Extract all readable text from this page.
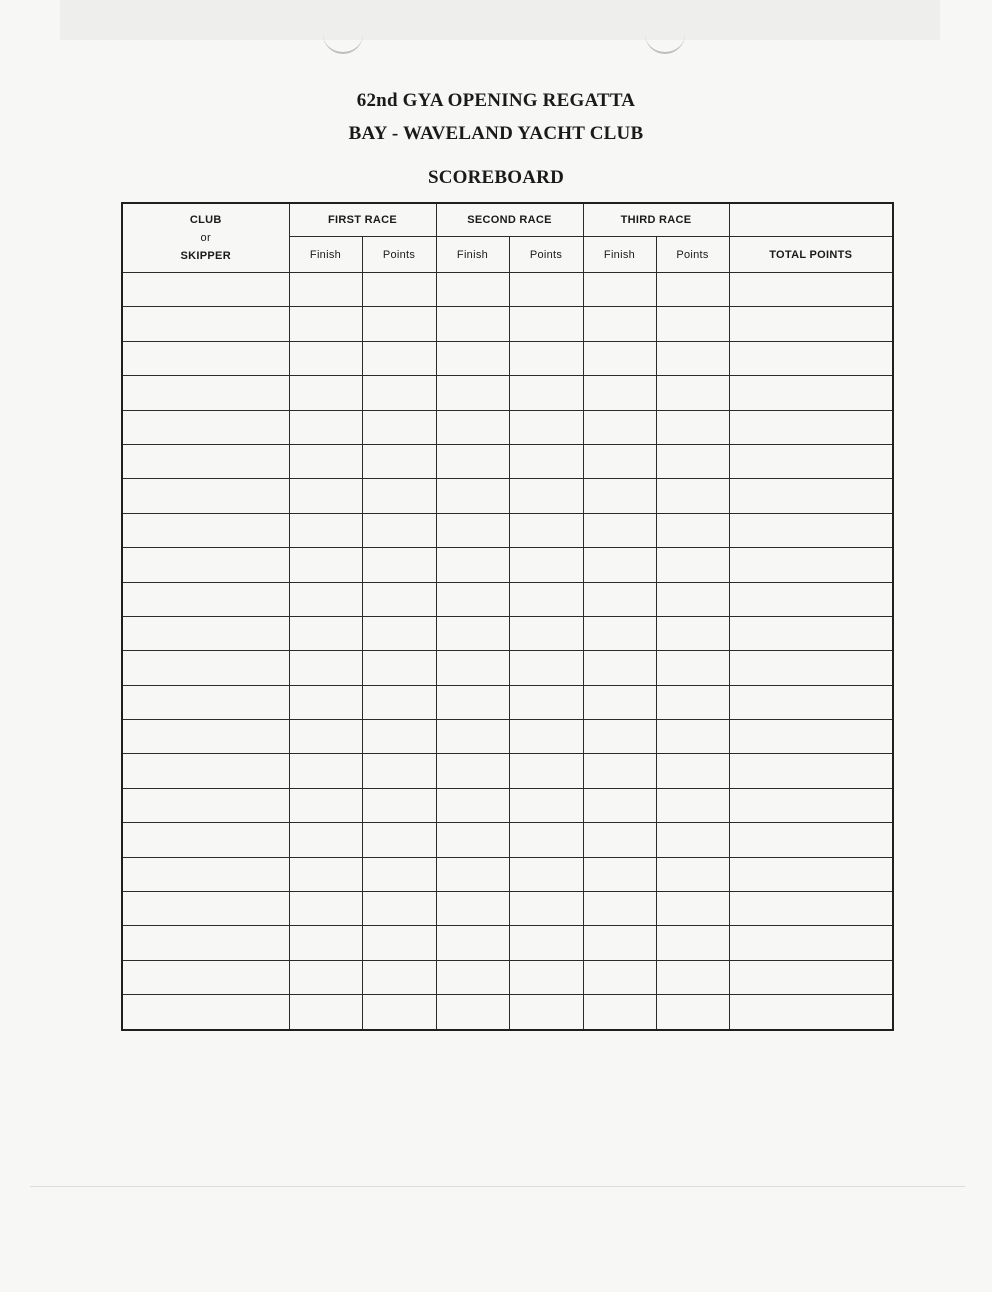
62nd GYA OPENING REGATTA
BAY - WAVELAND YACHT CLUB
SCOREBOARD
CLUB
or
SKIPPER	FIRST RACE		SECOND RACE		THIRD RACE		
	Finish	Points	Finish	Points	Finish	Points	TOTAL POINTS
